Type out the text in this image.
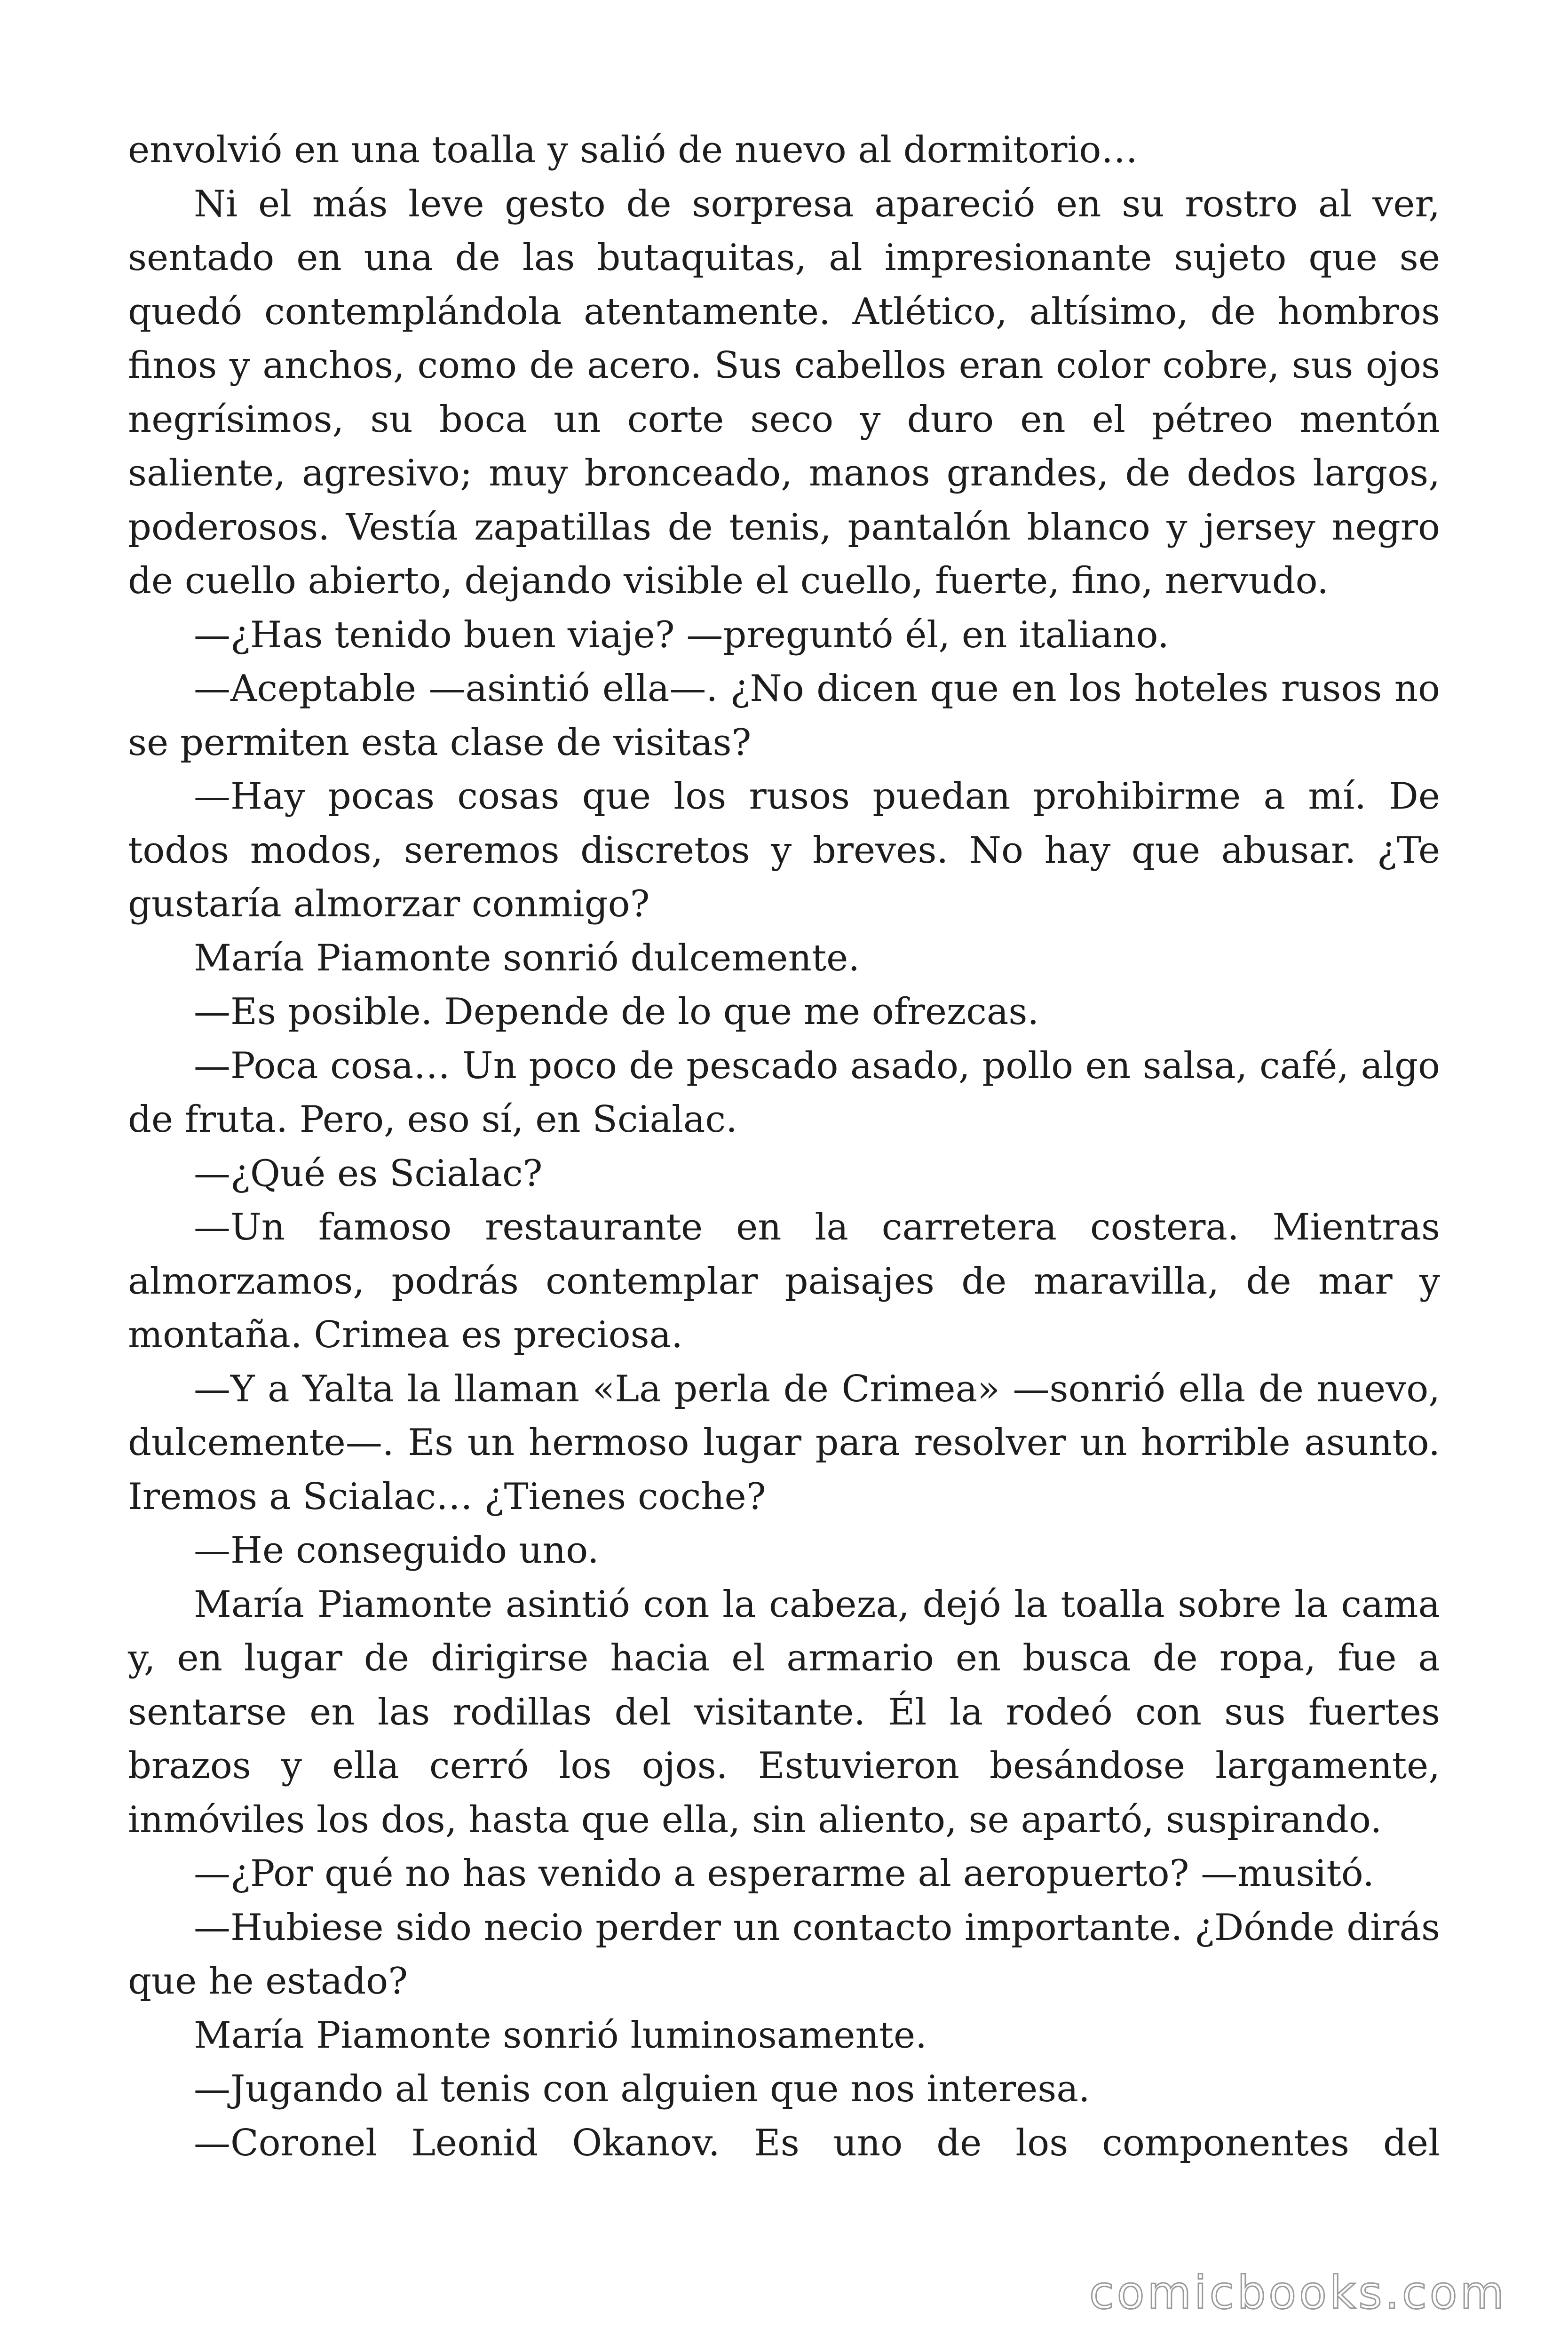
envolvió en una toalla y salió de nuevo al dormitorio…

Ni el más leve gesto de sorpresa apareció en su rostro al ver, sentado en una de las butaquitas, al impresionante sujeto que se quedó contemplándola atentamente. Atlético, altísimo, de hombros finos y anchos, como de acero. Sus cabellos eran color cobre, sus ojos negrísimos, su boca un corte seco y duro en el pétreo mentón saliente, agresivo; muy bronceado, manos grandes, de dedos largos, poderosos. Vestía zapatillas de tenis, pantalón blanco y jersey negro de cuello abierto, dejando visible el cuello, fuerte, fino, nervudo.

—¿Has tenido buen viaje? —preguntó él, en italiano.

—Aceptable —asintió ella—. ¿No dicen que en los hoteles rusos no se permiten esta clase de visitas?

—Hay pocas cosas que los rusos puedan prohibirme a mí. De todos modos, seremos discretos y breves. No hay que abusar. ¿Te gustaría almorzar conmigo?

María Piamonte sonrió dulcemente.

—Es posible. Depende de lo que me ofrezcas.

—Poca cosa… Un poco de pescado asado, pollo en salsa, café, algo de fruta. Pero, eso sí, en Scialac.

—¿Qué es Scialac?

—Un famoso restaurante en la carretera costera. Mientras almorzamos, podrás contemplar paisajes de maravilla, de mar y montaña. Crimea es preciosa.

—Y a Yalta la llaman «La perla de Crimea» —sonrió ella de nuevo, dulcemente—. Es un hermoso lugar para resolver un horrible asunto. Iremos a Scialac… ¿Tienes coche?

—He conseguido uno.

María Piamonte asintió con la cabeza, dejó la toalla sobre la cama y, en lugar de dirigirse hacia el armario en busca de ropa, fue a sentarse en las rodillas del visitante. Él la rodeó con sus fuertes brazos y ella cerró los ojos. Estuvieron besándose largamente, inmóviles los dos, hasta que ella, sin aliento, se apartó, suspirando.

—¿Por qué no has venido a esperarme al aeropuerto? —musitó.

—Hubiese sido necio perder un contacto importante. ¿Dónde dirás que he estado?

María Piamonte sonrió luminosamente.

—Jugando al tenis con alguien que nos interesa.

—Coronel Leonid Okanov. Es uno de los componentes del

comicbooks.com
